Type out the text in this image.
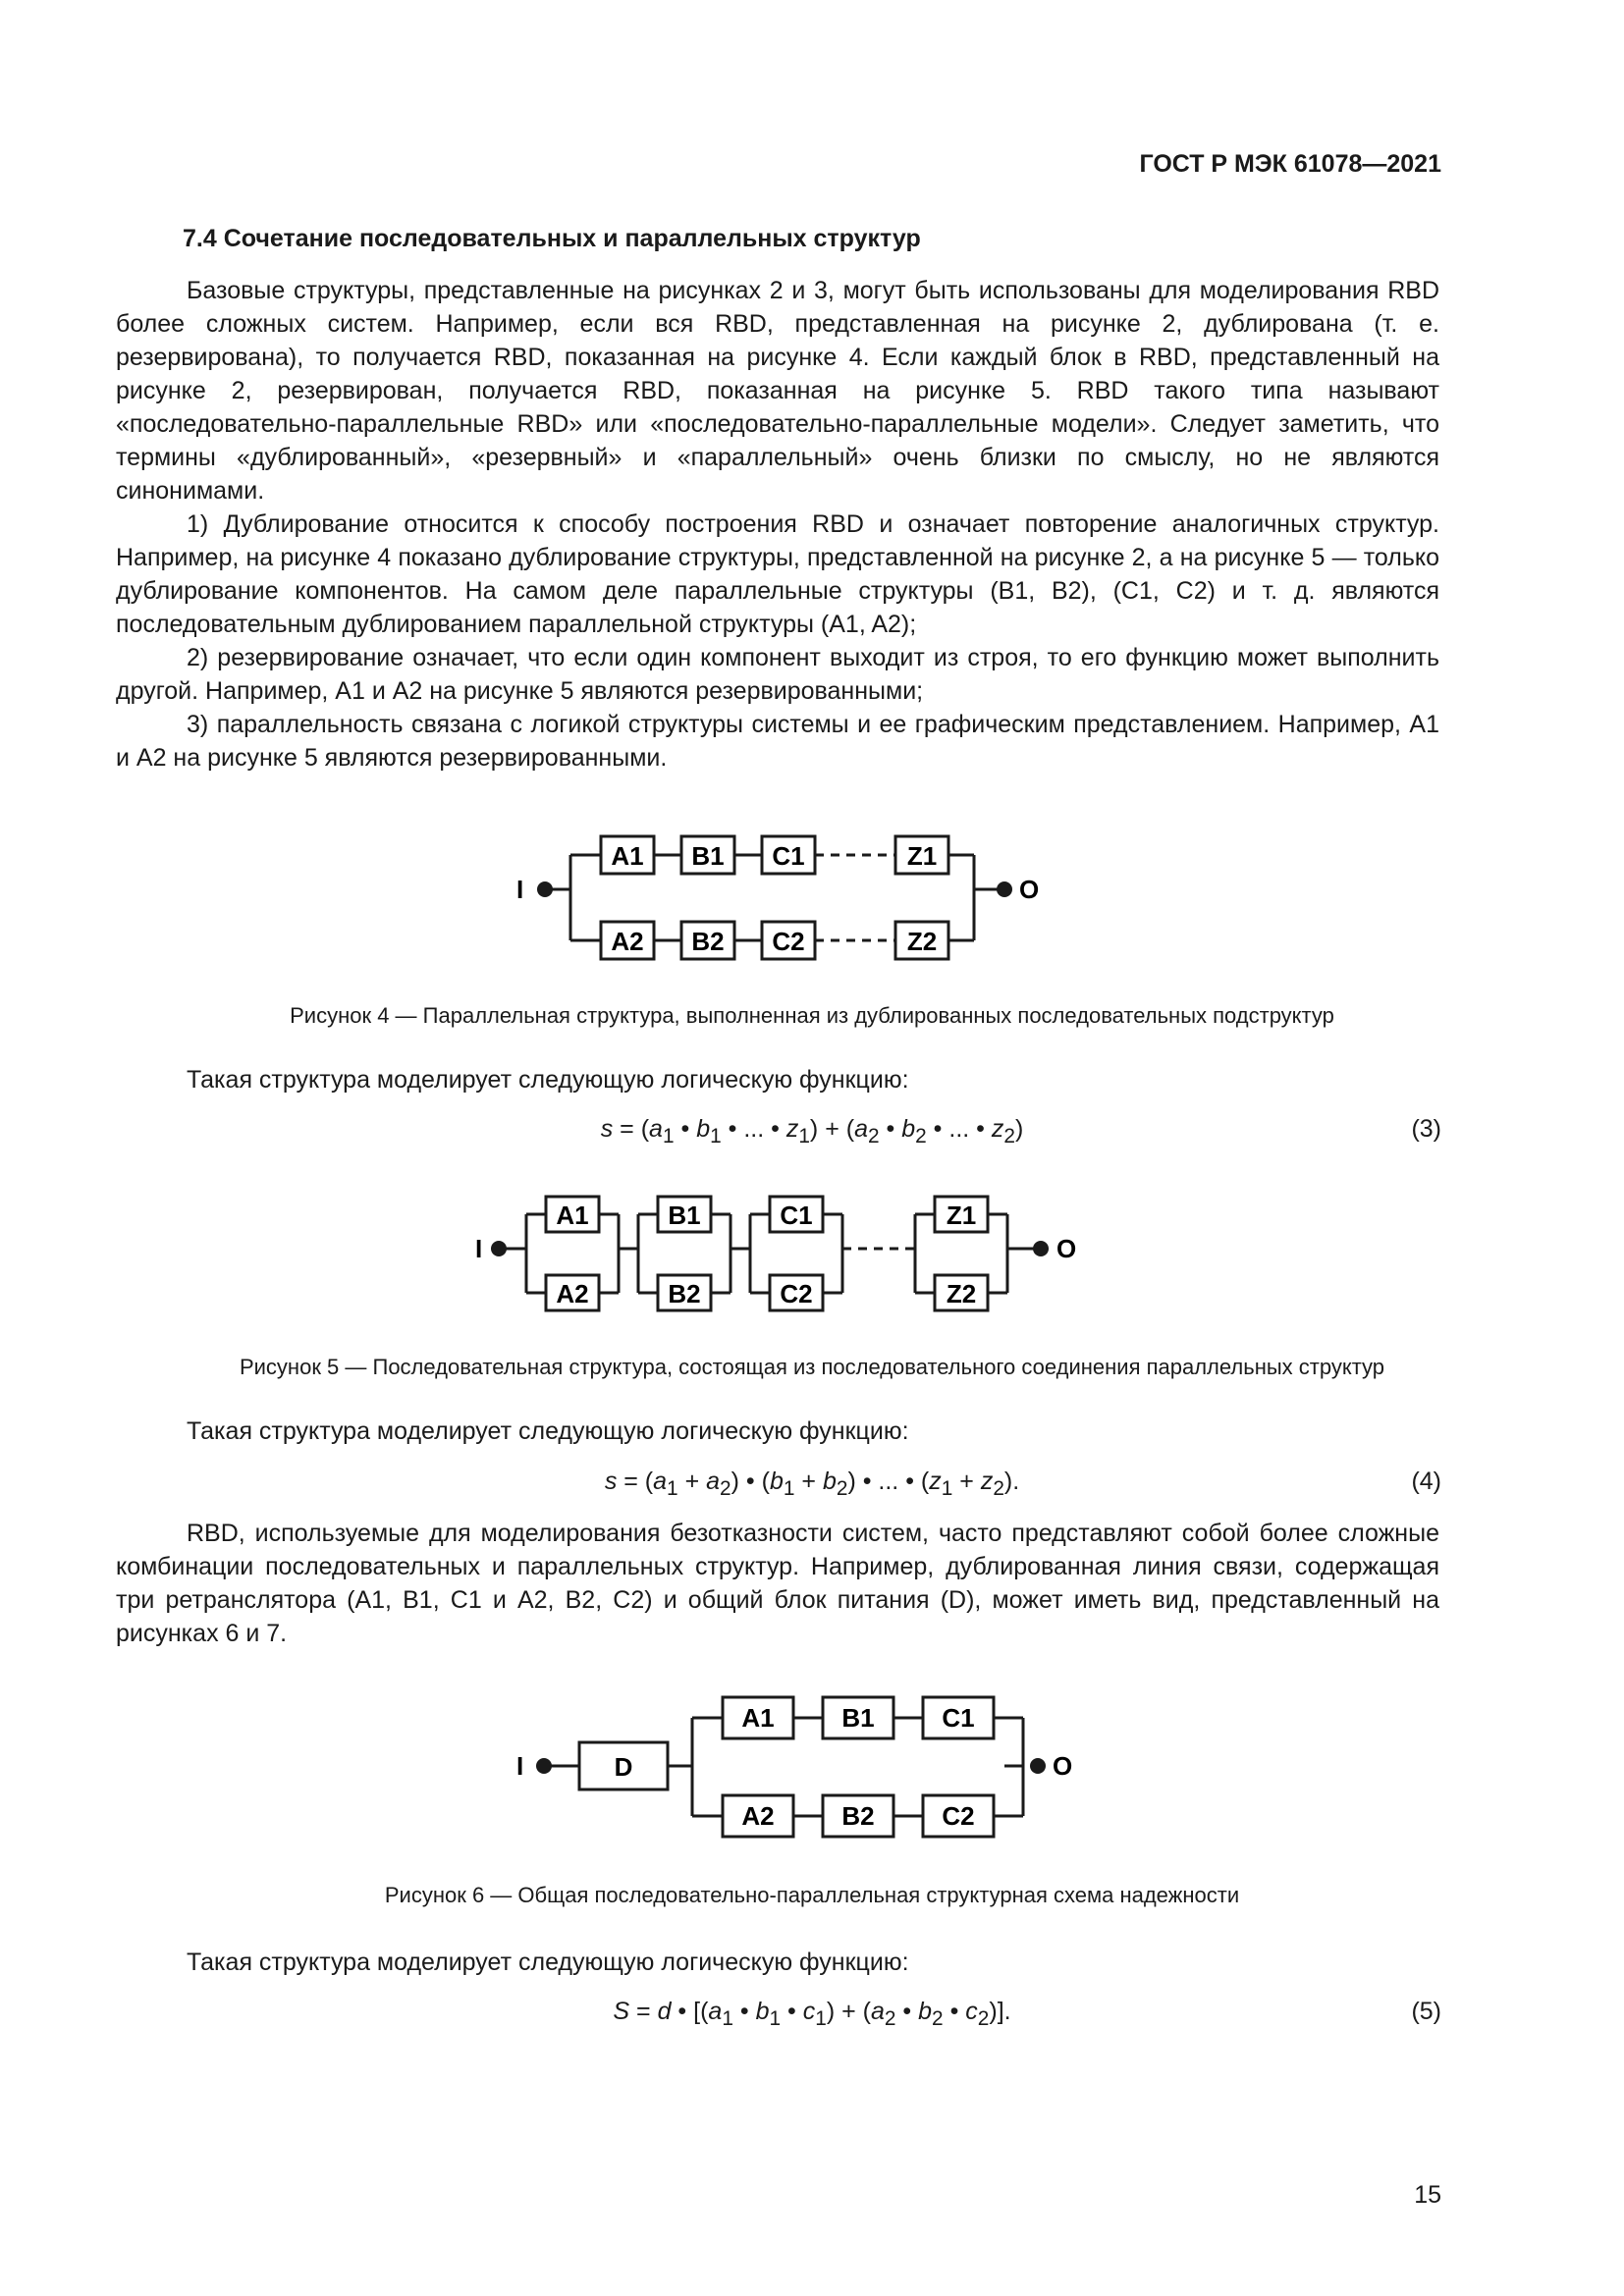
ГОСТ Р МЭК 61078—2021
7.4 Сочетание последовательных и параллельных структур

Базовые структуры, представленные на рисунках 2 и 3, могут быть использованы для моделирования RBD более сложных систем. Например, если вся RBD, представленная на рисунке 2, дублирована (т. е. резервирована), то получается RBD, показанная на рисунке 4. Если каждый блок в RBD, представленный на рисунке 2, резервирован, получается RBD, показанная на рисунке 5. RBD такого типа называют «последовательно-параллельные RBD» или «последовательно-параллельные модели». Следует заметить, что термины «дублированный», «резервный» и «параллельный» очень близки по смыслу, но не являются синонимами.

1) Дублирование относится к способу построения RBD и означает повторение аналогичных структур. Например, на рисунке 4 показано дублирование структуры, представленной на рисунке 2, а на рисунке 5 — только дублирование компонентов. На самом деле параллельные структуры (B1, B2), (C1, C2) и т. д. являются последовательным дублированием параллельной структуры (A1, A2);

2) резервирование означает, что если один компонент выходит из строя, то его функцию может выполнить другой. Например, A1 и A2 на рисунке 5 являются резервированными;

3) параллельность связана с логикой структуры системы и ее графическим представлением. Например, A1 и A2 на рисунке 5 являются резервированными.

I
A1 B1 C1	Z1
A2 B2 C2	Z2
O
Рисунок 4 — Параллельная структура, выполненная из дублированных последовательных подструктур
Такая структура моделирует следующую логическую функцию:
$s = (a_1$ • $b_1$ • ... • $z_1) + (a_2$ • $b_2$ • ... • $z_2$)	(3)
I
A1
A2
B1
B2
C1
C2
Z1
Z2
O
Рисунок 5 — Последовательная структура, состоящая из последовательного соединения параллельных структур
Такая структура моделирует следующую логическую функцию:
$s = (a_1 + a_2)$ • $(b_1 + b_2)$ • ... • $(z_1 + z_2)$.	(4)

RBD, используемые для моделирования безотказности систем, часто представляют собой более сложные комбинации последовательных и параллельных структур. Например, дублированная линия связи, содержащая три ретранслятора (A1, B1, C1 и A2, B2, C2) и общий блок питания (D), может иметь вид, представленный на рисунках 6 и 7.

I	D
A1	B1	C1
A2	B2	C2
O
Рисунок 6 — Общая последовательно-параллельная структурная схема надежности
Такая структура моделирует следующую логическую функцию:
S = d • [($a_1$ • $b_1$ • $c_1) + (a_2$ • $b_2$ • $c_2$)].	(5)
15
